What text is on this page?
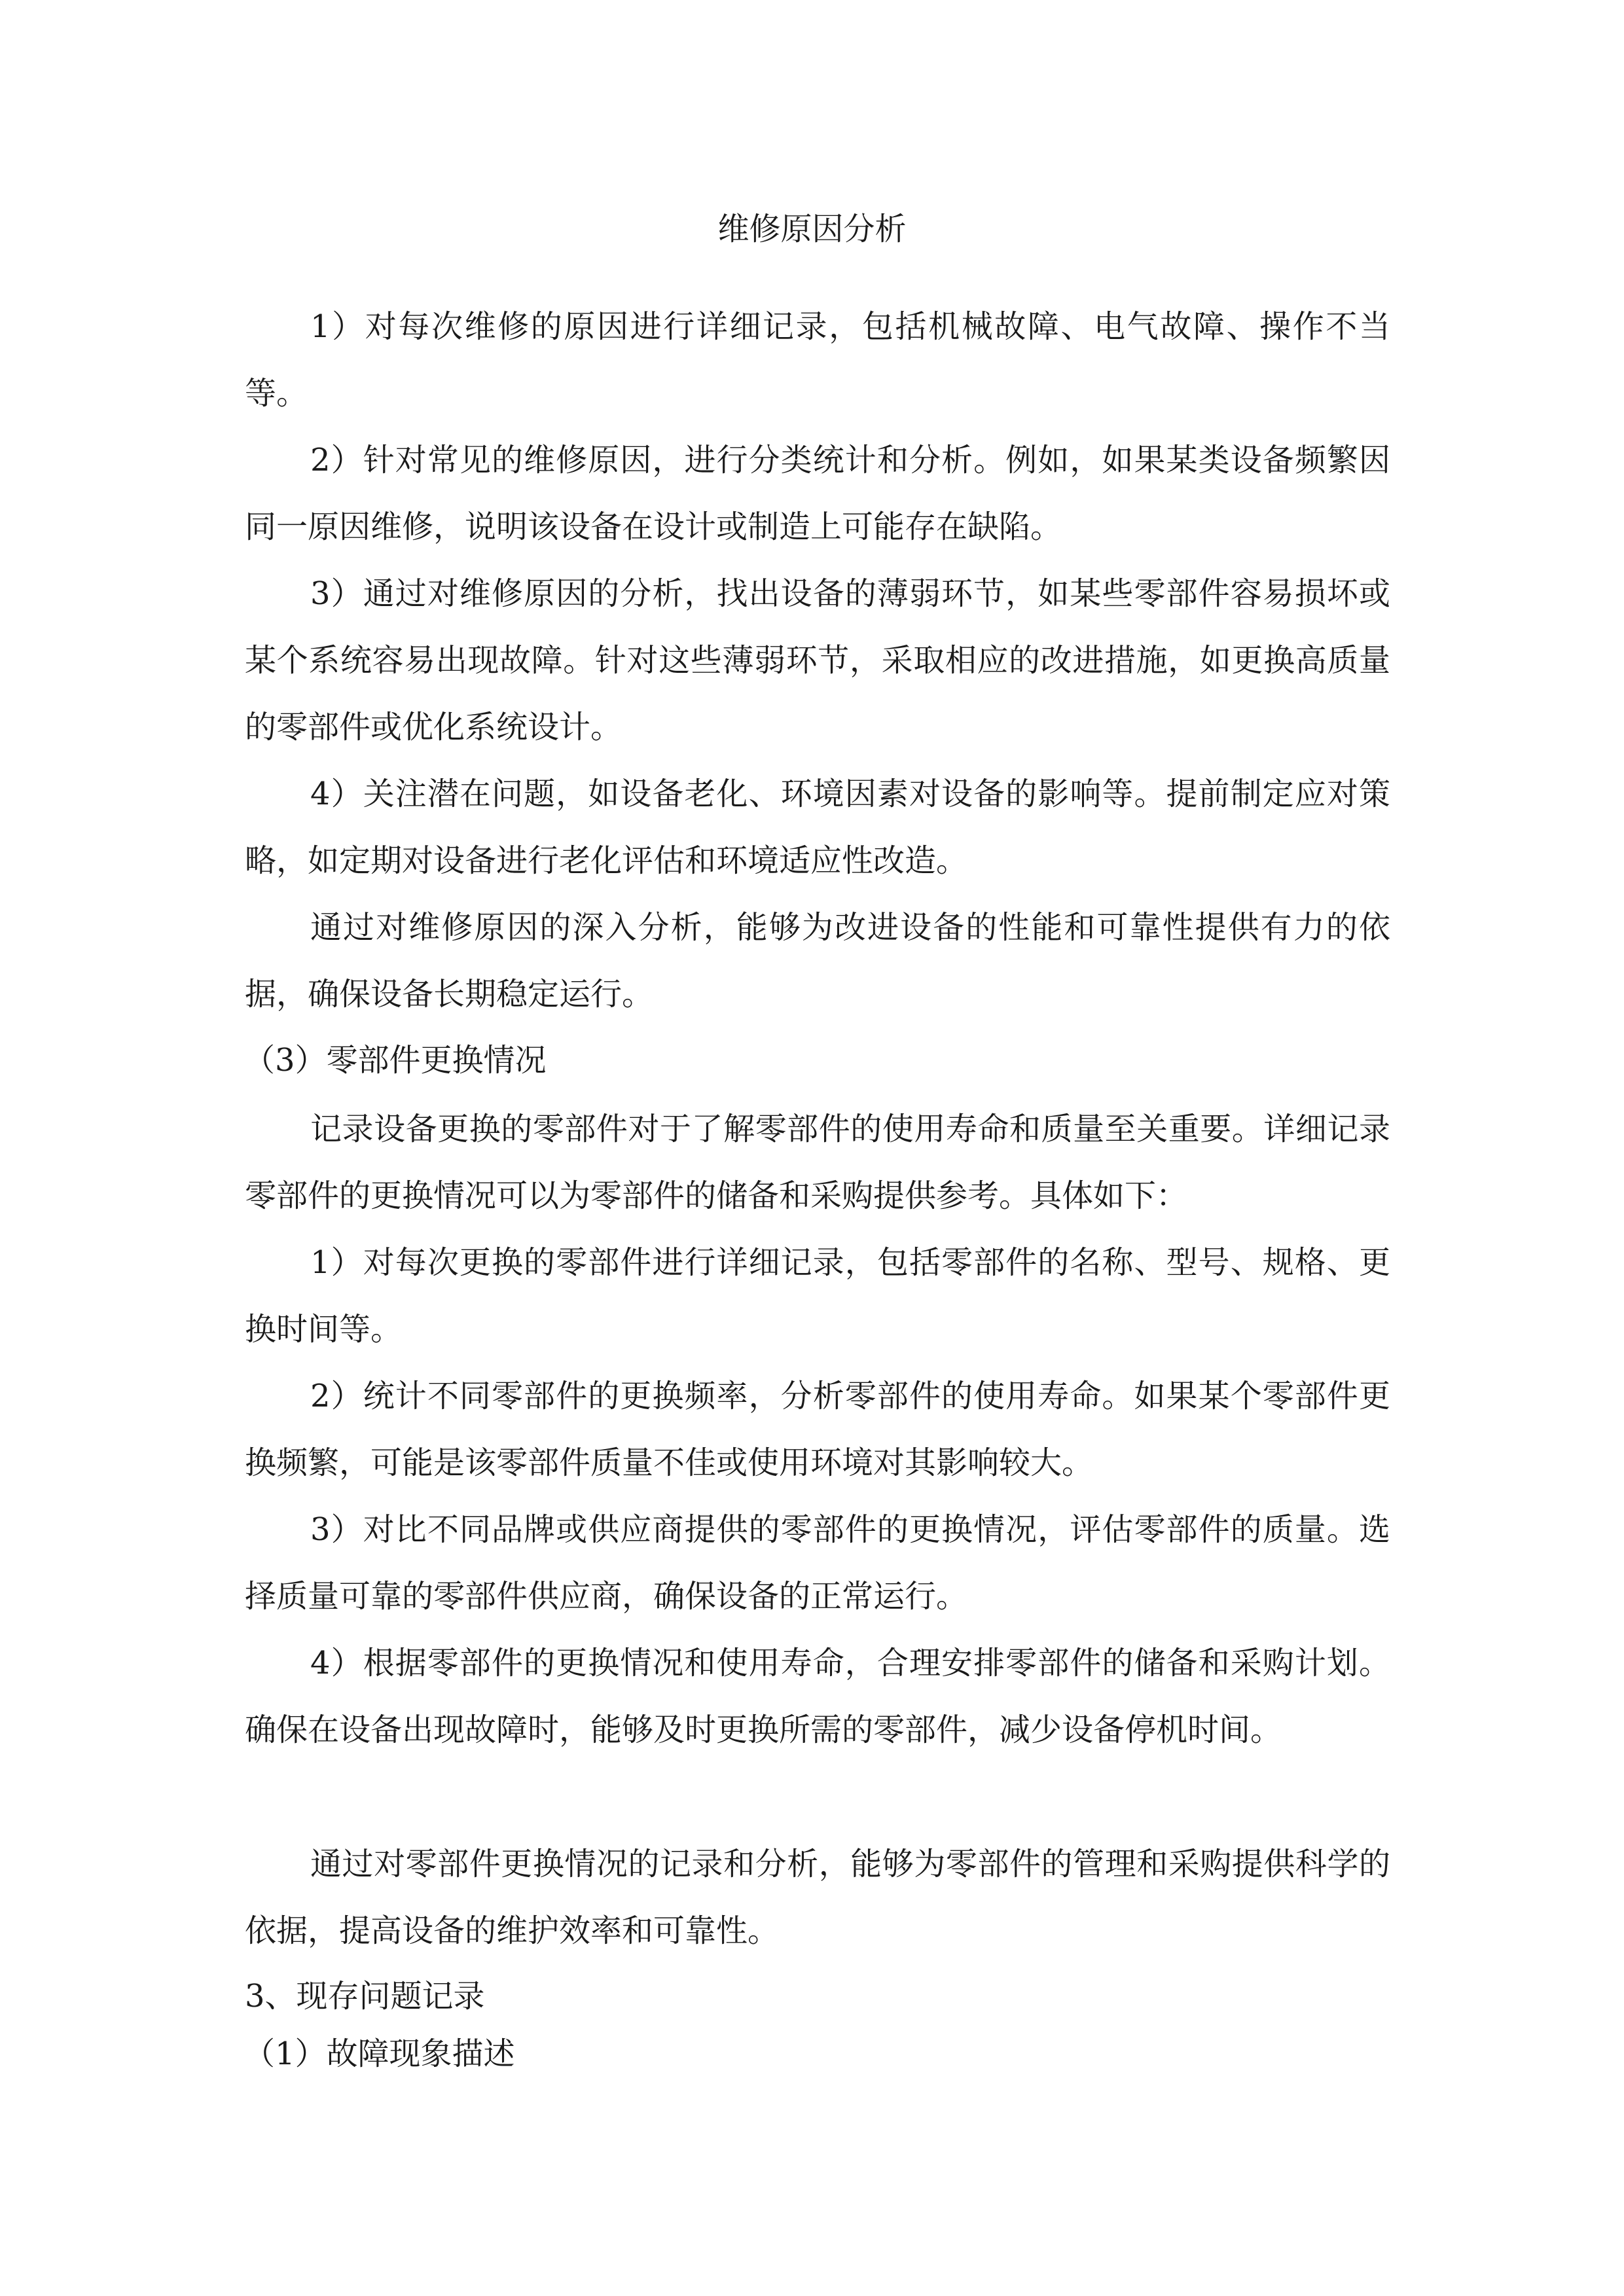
维修原因分析

1）对每次维修的原因进行详细记录，包括机械故障、电气故障、操作不当等。

2）针对常见的维修原因，进行分类统计和分析。例如，如果某类设备频繁因同一原因维修，说明该设备在设计或制造上可能存在缺陷。

3）通过对维修原因的分析，找出设备的薄弱环节，如某些零部件容易损坏或某个系统容易出现故障。针对这些薄弱环节，采取相应的改进措施，如更换高质量的零部件或优化系统设计。

4）关注潜在问题，如设备老化、环境因素对设备的影响等。提前制定应对策略，如定期对设备进行老化评估和环境适应性改造。

通过对维修原因的深入分析，能够为改进设备的性能和可靠性提供有力的依据，确保设备长期稳定运行。

（3）零部件更换情况

记录设备更换的零部件对于了解零部件的使用寿命和质量至关重要。详细记录零部件的更换情况可以为零部件的储备和采购提供参考。具体如下：

1）对每次更换的零部件进行详细记录，包括零部件的名称、型号、规格、更换时间等。

2）统计不同零部件的更换频率，分析零部件的使用寿命。如果某个零部件更换频繁，可能是该零部件质量不佳或使用环境对其影响较大。

3）对比不同品牌或供应商提供的零部件的更换情况，评估零部件的质量。选择质量可靠的零部件供应商，确保设备的正常运行。

4）根据零部件的更换情况和使用寿命，合理安排零部件的储备和采购计划。确保在设备出现故障时，能够及时更换所需的零部件，减少设备停机时间。

通过对零部件更换情况的记录和分析，能够为零部件的管理和采购提供科学的依据，提高设备的维护效率和可靠性。

3、现存问题记录
（1）故障现象描述
